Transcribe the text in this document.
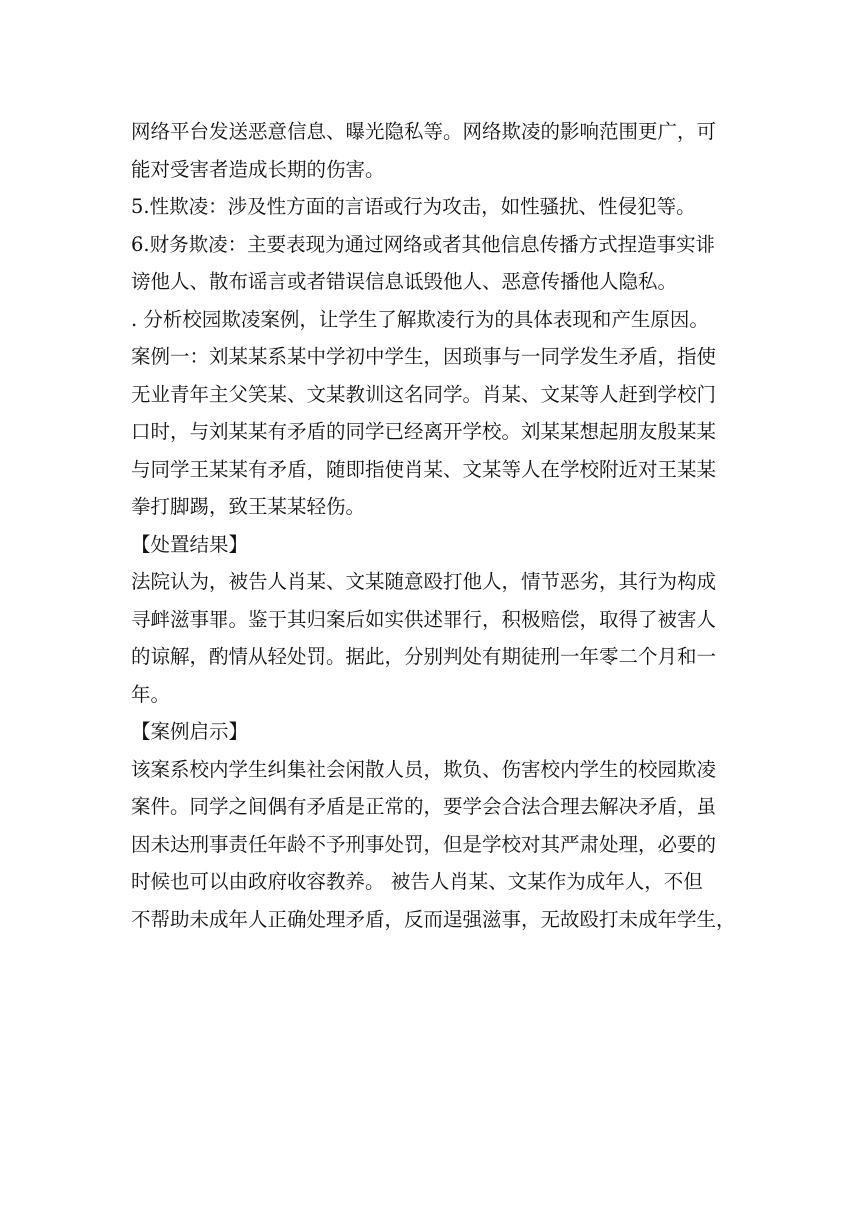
网络平台发送恶意信息、曝光隐私等。网络欺凌的影响范围更广，可
能对受害者造成长期的伤害。
5.性欺凌：涉及性方面的言语或行为攻击，如性骚扰、性侵犯等。
6.财务欺凌：主要表现为通过网络或者其他信息传播方式捏造事实诽
谤他人、散布谣言或者错误信息诋毁他人、恶意传播他人隐私。
. 分析校园欺凌案例，让学生了解欺凌行为的具体表现和产生原因。
案例一：刘某某系某中学初中学生，因琐事与一同学发生矛盾，指使
无业青年主父笑某、文某教训这名同学。肖某、文某等人赶到学校门
口时，与刘某某有矛盾的同学已经离开学校。刘某某想起朋友殷某某
与同学王某某有矛盾，随即指使肖某、文某等人在学校附近对王某某
拳打脚踢，致王某某轻伤。
【处置结果】
法院认为，被告人肖某、文某随意殴打他人，情节恶劣，其行为构成
寻衅滋事罪。鉴于其归案后如实供述罪行，积极赔偿，取得了被害人
的谅解，酌情从轻处罚。据此，分别判处有期徒刑一年零二个月和一
年。
【案例启示】
该案系校内学生纠集社会闲散人员，欺负、伤害校内学生的校园欺凌
案件。同学之间偶有矛盾是正常的，要学会合法合理去解决矛盾，虽
因未达刑事责任年龄不予刑事处罚，但是学校对其严肃处理，必要的
时候也可以由政府收容教养。 被告人肖某、文某作为成年人，不但
不帮助未成年人正确处理矛盾，反而逞强滋事，无故殴打未成年学生，
